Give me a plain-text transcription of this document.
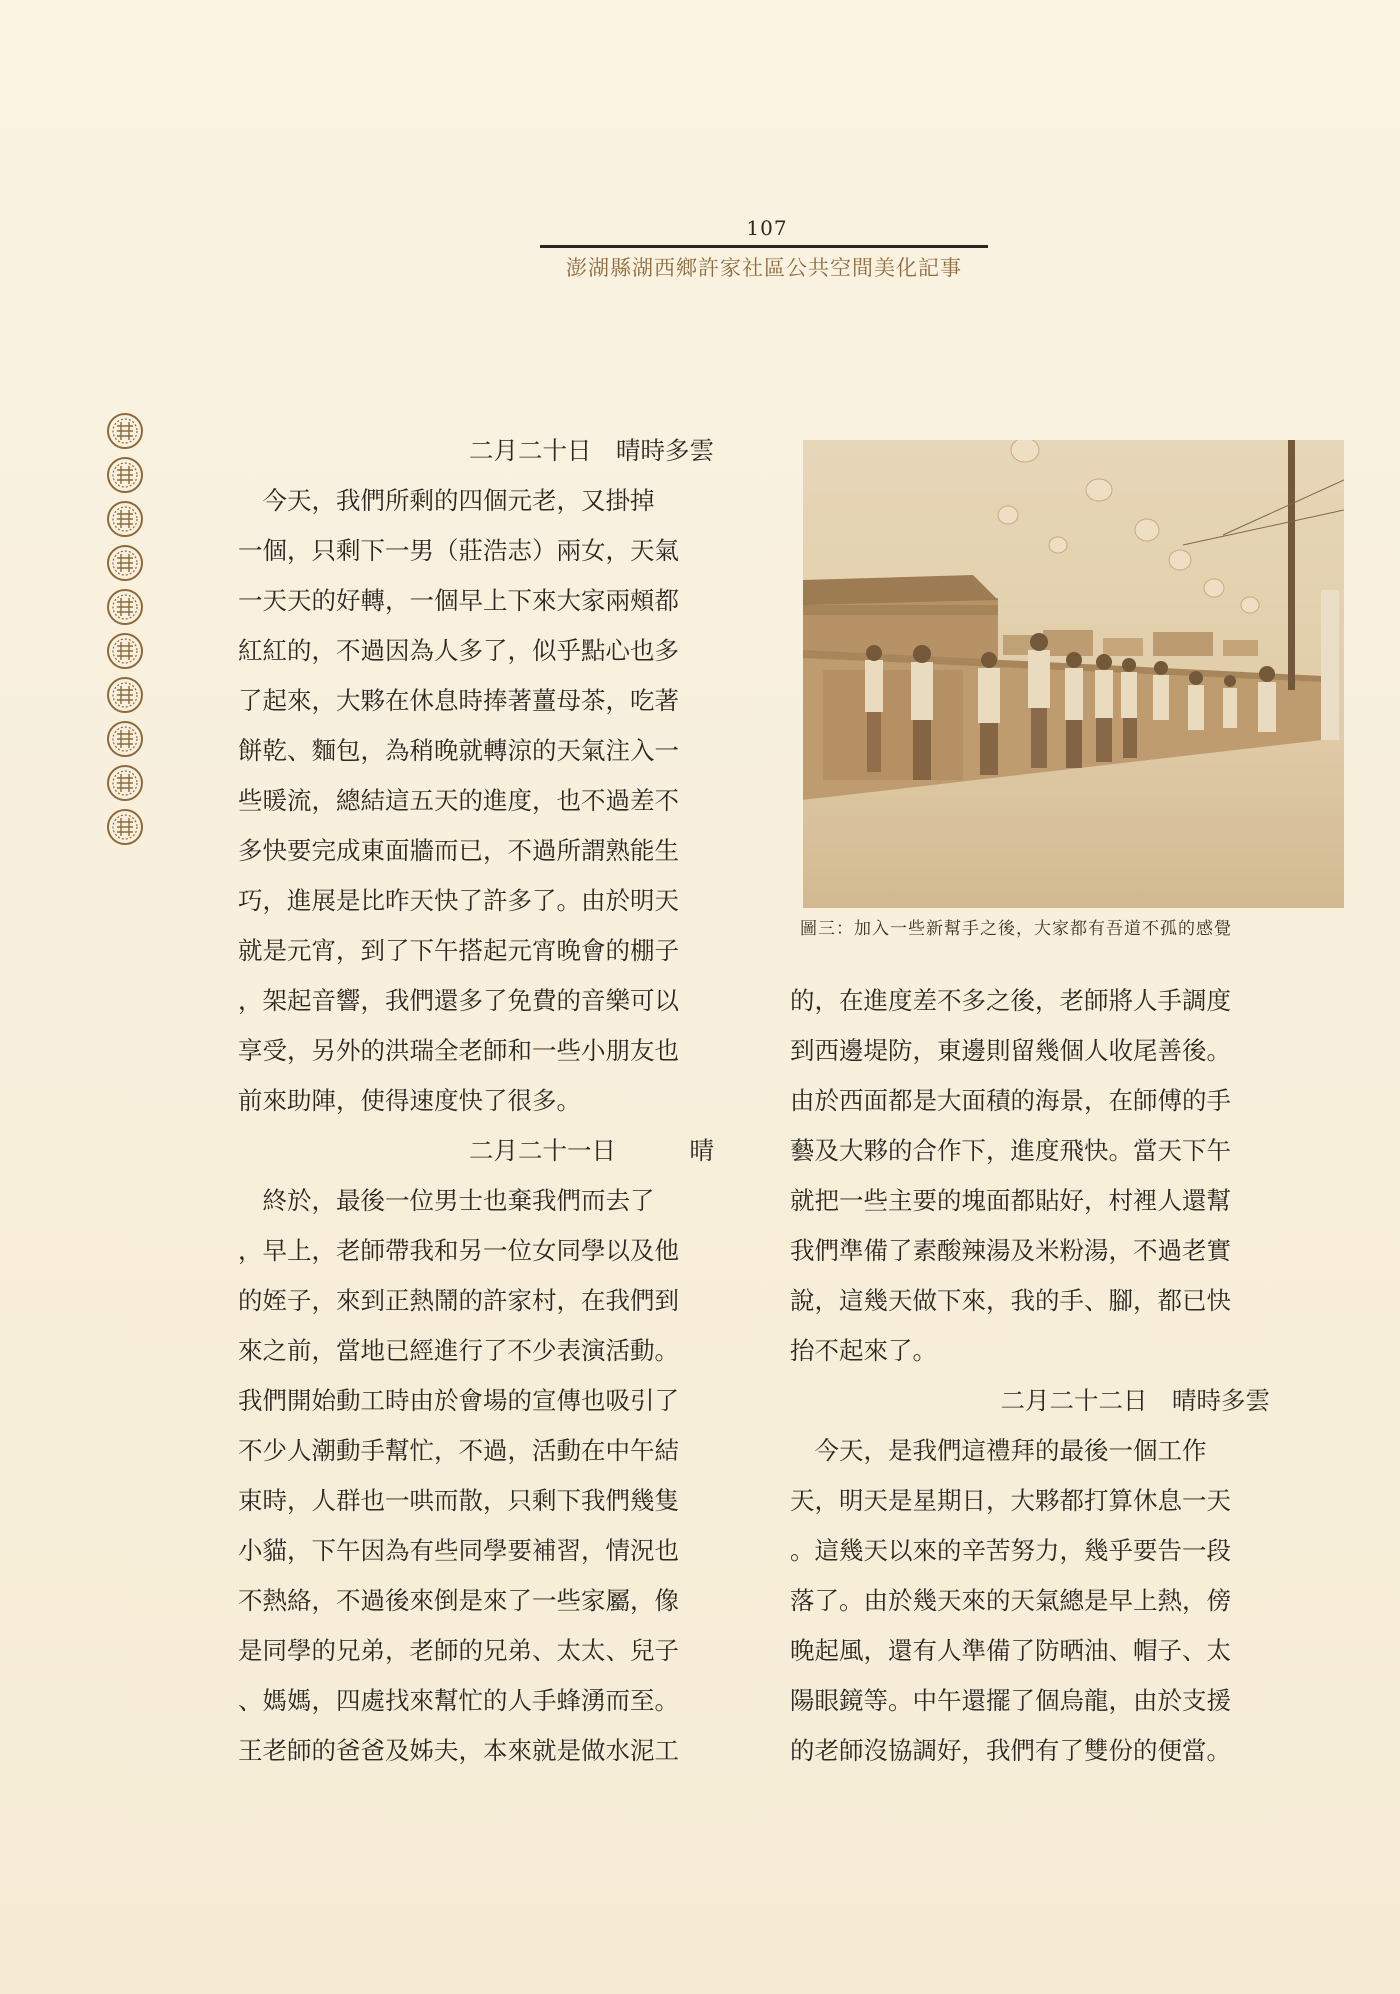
107
澎湖縣湖西鄉許家社區公共空間美化記事

二月二十日　晴時多雲

　今天，我們所剩的四個元老，又掛掉

一個，只剩下一男（莊浩志）兩女，天氣

一天天的好轉，一個早上下來大家兩頰都

紅紅的，不過因為人多了，似乎點心也多

了起來，大夥在休息時捧著薑母茶，吃著

餅乾、麵包，為稍晚就轉涼的天氣注入一

些暖流，總結這五天的進度，也不過差不

多快要完成東面牆而已，不過所謂熟能生

巧，進展是比昨天快了許多了。由於明天

就是元宵，到了下午搭起元宵晚會的棚子

，架起音響，我們還多了免費的音樂可以

享受，另外的洪瑞全老師和一些小朋友也

前來助陣，使得速度快了很多。

二月二十一日　　　晴

　終於，最後一位男士也棄我們而去了

，早上，老師帶我和另一位女同學以及他

的姪子，來到正熱鬧的許家村，在我們到

來之前，當地已經進行了不少表演活動。

我們開始動工時由於會場的宣傳也吸引了

不少人潮動手幫忙，不過，活動在中午結

束時，人群也一哄而散，只剩下我們幾隻

小貓，下午因為有些同學要補習，情況也

不熱絡，不過後來倒是來了一些家屬，像

是同學的兄弟，老師的兄弟、太太、兒子

、媽媽，四處找來幫忙的人手蜂湧而至。

王老師的爸爸及姊夫，本來就是做水泥工

圖三：加入一些新幫手之後，大家都有吾道不孤的感覺

的，在進度差不多之後，老師將人手調度

到西邊堤防，東邊則留幾個人收尾善後。

由於西面都是大面積的海景，在師傅的手

藝及大夥的合作下，進度飛快。當天下午

就把一些主要的塊面都貼好，村裡人還幫

我們準備了素酸辣湯及米粉湯，不過老實

說，這幾天做下來，我的手、腳，都已快

抬不起來了。

二月二十二日　晴時多雲

　今天，是我們這禮拜的最後一個工作

天，明天是星期日，大夥都打算休息一天

。這幾天以來的辛苦努力，幾乎要告一段

落了。由於幾天來的天氣總是早上熱，傍

晚起風，還有人準備了防晒油、帽子、太

陽眼鏡等。中午還擺了個烏龍，由於支援

的老師沒協調好，我們有了雙份的便當。
